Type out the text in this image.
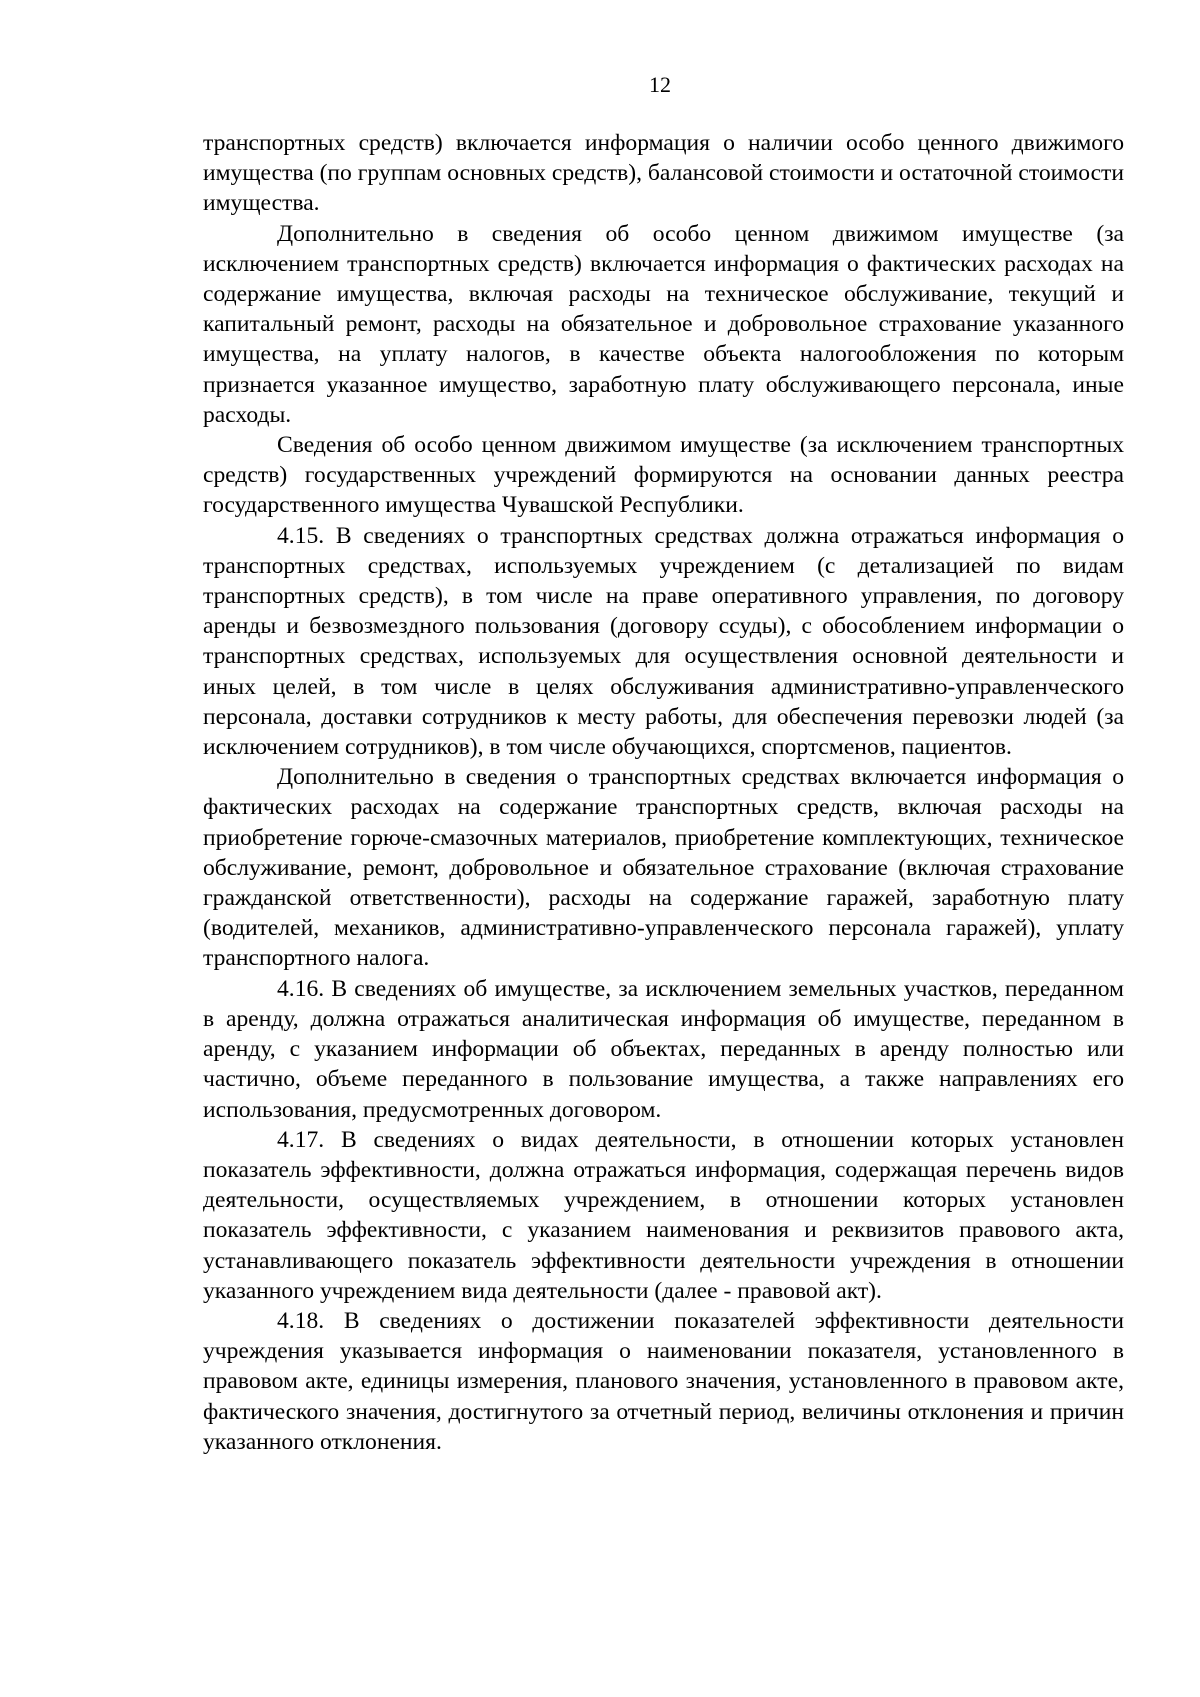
12

транспортных средств) включается информация о наличии особо ценного движимого имущества (по группам основных средств), балансовой стоимости и остаточной стоимости имущества.

Дополнительно в сведения об особо ценном движимом имуществе (за исключением транспортных средств) включается информация о фактических расходах на содержание имущества, включая расходы на техническое обслуживание, текущий и капитальный ремонт, расходы на обязательное и добровольное страхование указанного имущества, на уплату налогов, в качестве объекта налогообложения по которым признается указанное имущество, заработную плату обслуживающего персонала, иные расходы.

Сведения об особо ценном движимом имуществе (за исключением транспортных средств) государственных учреждений формируются на основании данных реестра государственного имущества Чувашской Республики.

4.15. В сведениях о транспортных средствах должна отражаться информация о транспортных средствах, используемых учреждением (с детализацией по видам транспортных средств), в том числе на праве оперативного управления, по договору аренды и безвозмездного пользования (договору ссуды), с обособлением информации о транспортных средствах, используемых для осуществления основной деятельности и иных целей, в том числе в целях обслуживания административно-управленческого персонала, доставки сотрудников к месту работы, для обеспечения перевозки людей (за исключением сотрудников), в том числе обучающихся, спортсменов, пациентов.

Дополнительно в сведения о транспортных средствах включается информация о фактических расходах на содержание транспортных средств, включая расходы на приобретение горюче-смазочных материалов, приобретение комплектующих, техническое обслуживание, ремонт, добровольное и обязательное страхование (включая страхование гражданской ответственности), расходы на содержание гаражей, заработную плату (водителей, механиков, административно-управленческого персонала гаражей), уплату транспортного налога.

4.16. В сведениях об имуществе, за исключением земельных участков, переданном в аренду, должна отражаться аналитическая информация об имуществе, переданном в аренду, с указанием информации об объектах, переданных в аренду полностью или частично, объеме переданного в пользование имущества, а также направлениях его использования, предусмотренных договором.

4.17. В сведениях о видах деятельности, в отношении которых установлен показатель эффективности, должна отражаться информация, содержащая перечень видов деятельности, осуществляемых учреждением, в отношении которых установлен показатель эффективности, с указанием наименования и реквизитов правового акта, устанавливающего показатель эффективности деятельности учреждения в отношении указанного учреждением вида деятельности (далее - правовой акт).

4.18. В сведениях о достижении показателей эффективности деятельности учреждения указывается информация о наименовании показателя, установленного в правовом акте, единицы измерения, планового значения, установленного в правовом акте, фактического значения, достигнутого за отчетный период, величины отклонения и причин указанного отклонения.
